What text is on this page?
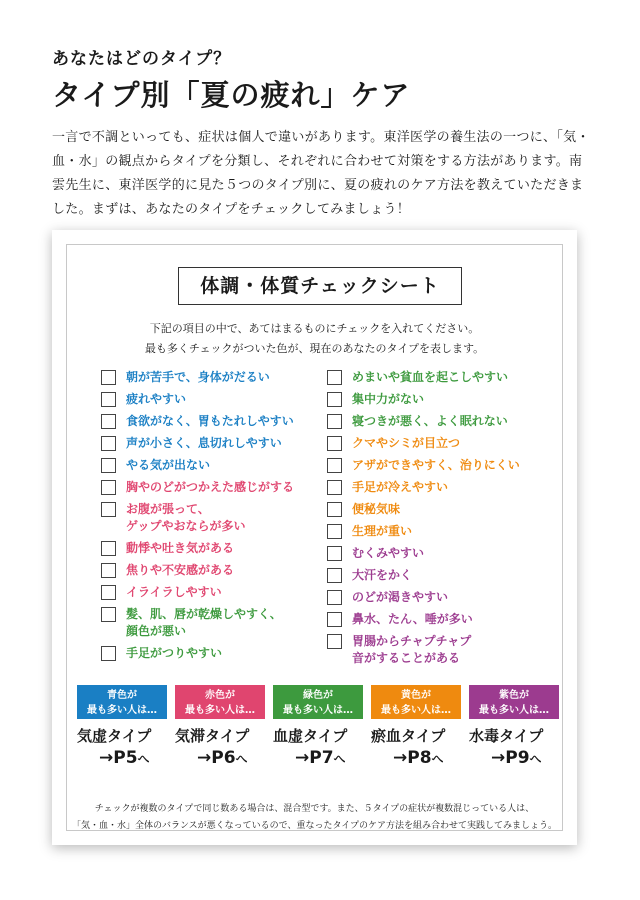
あなたはどのタイプ？

タイプ別「夏の疲れ」ケア

一言で不調といっても、症状は個人で違いがあります。東洋医学の養生法の一つに、「気・血・水」の観点からタイプを分類し、それぞれに合わせて対策をする方法があります。南雲先生に、東洋医学的に見た５つのタイプ別に、夏の疲れのケア方法を教えていただきました。まずは、あなたのタイプをチェックしてみましょう！

体調・体質チェックシート
下記の項目の中で、あてはまるものにチェックを入れてください。
最も多くチェックがついた色が、現在のあなたのタイプを表します。
朝が苦手で、身体がだるい
疲れやすい
食欲がなく、胃もたれしやすい
声が小さく、息切れしやすい
やる気が出ない
胸やのどがつかえた感じがする
お腹が張って、
ゲップやおならが多い
動悸や吐き気がある
焦りや不安感がある
イライラしやすい
髪、肌、唇が乾燥しやすく、
顔色が悪い
手足がつりやすい
めまいや貧血を起こしやすい
集中力がない
寝つきが悪く、よく眠れない
クマやシミが目立つ
アザができやすく、治りにくい
手足が冷えやすい
便秘気味
生理が重い
むくみやすい
大汗をかく
のどが渇きやすい
鼻水、たん、唾が多い
胃腸からチャプチャプ
音がすることがある
青色が
最も多い人は…
気虚タイプ
→P5へ
赤色が
最も多い人は…
気滞タイプ
→P6へ
緑色が
最も多い人は…
血虚タイプ
→P7へ
黄色が
最も多い人は…
瘀血タイプ
→P8へ
紫色が
最も多い人は…
水毒タイプ
→P9へ
チェックが複数のタイプで同じ数ある場合は、混合型です。また、５タイプの症状が複数混じっている人は、
「気・血・水」全体のバランスが悪くなっているので、重なったタイプのケア方法を組み合わせて実践してみましょう。
